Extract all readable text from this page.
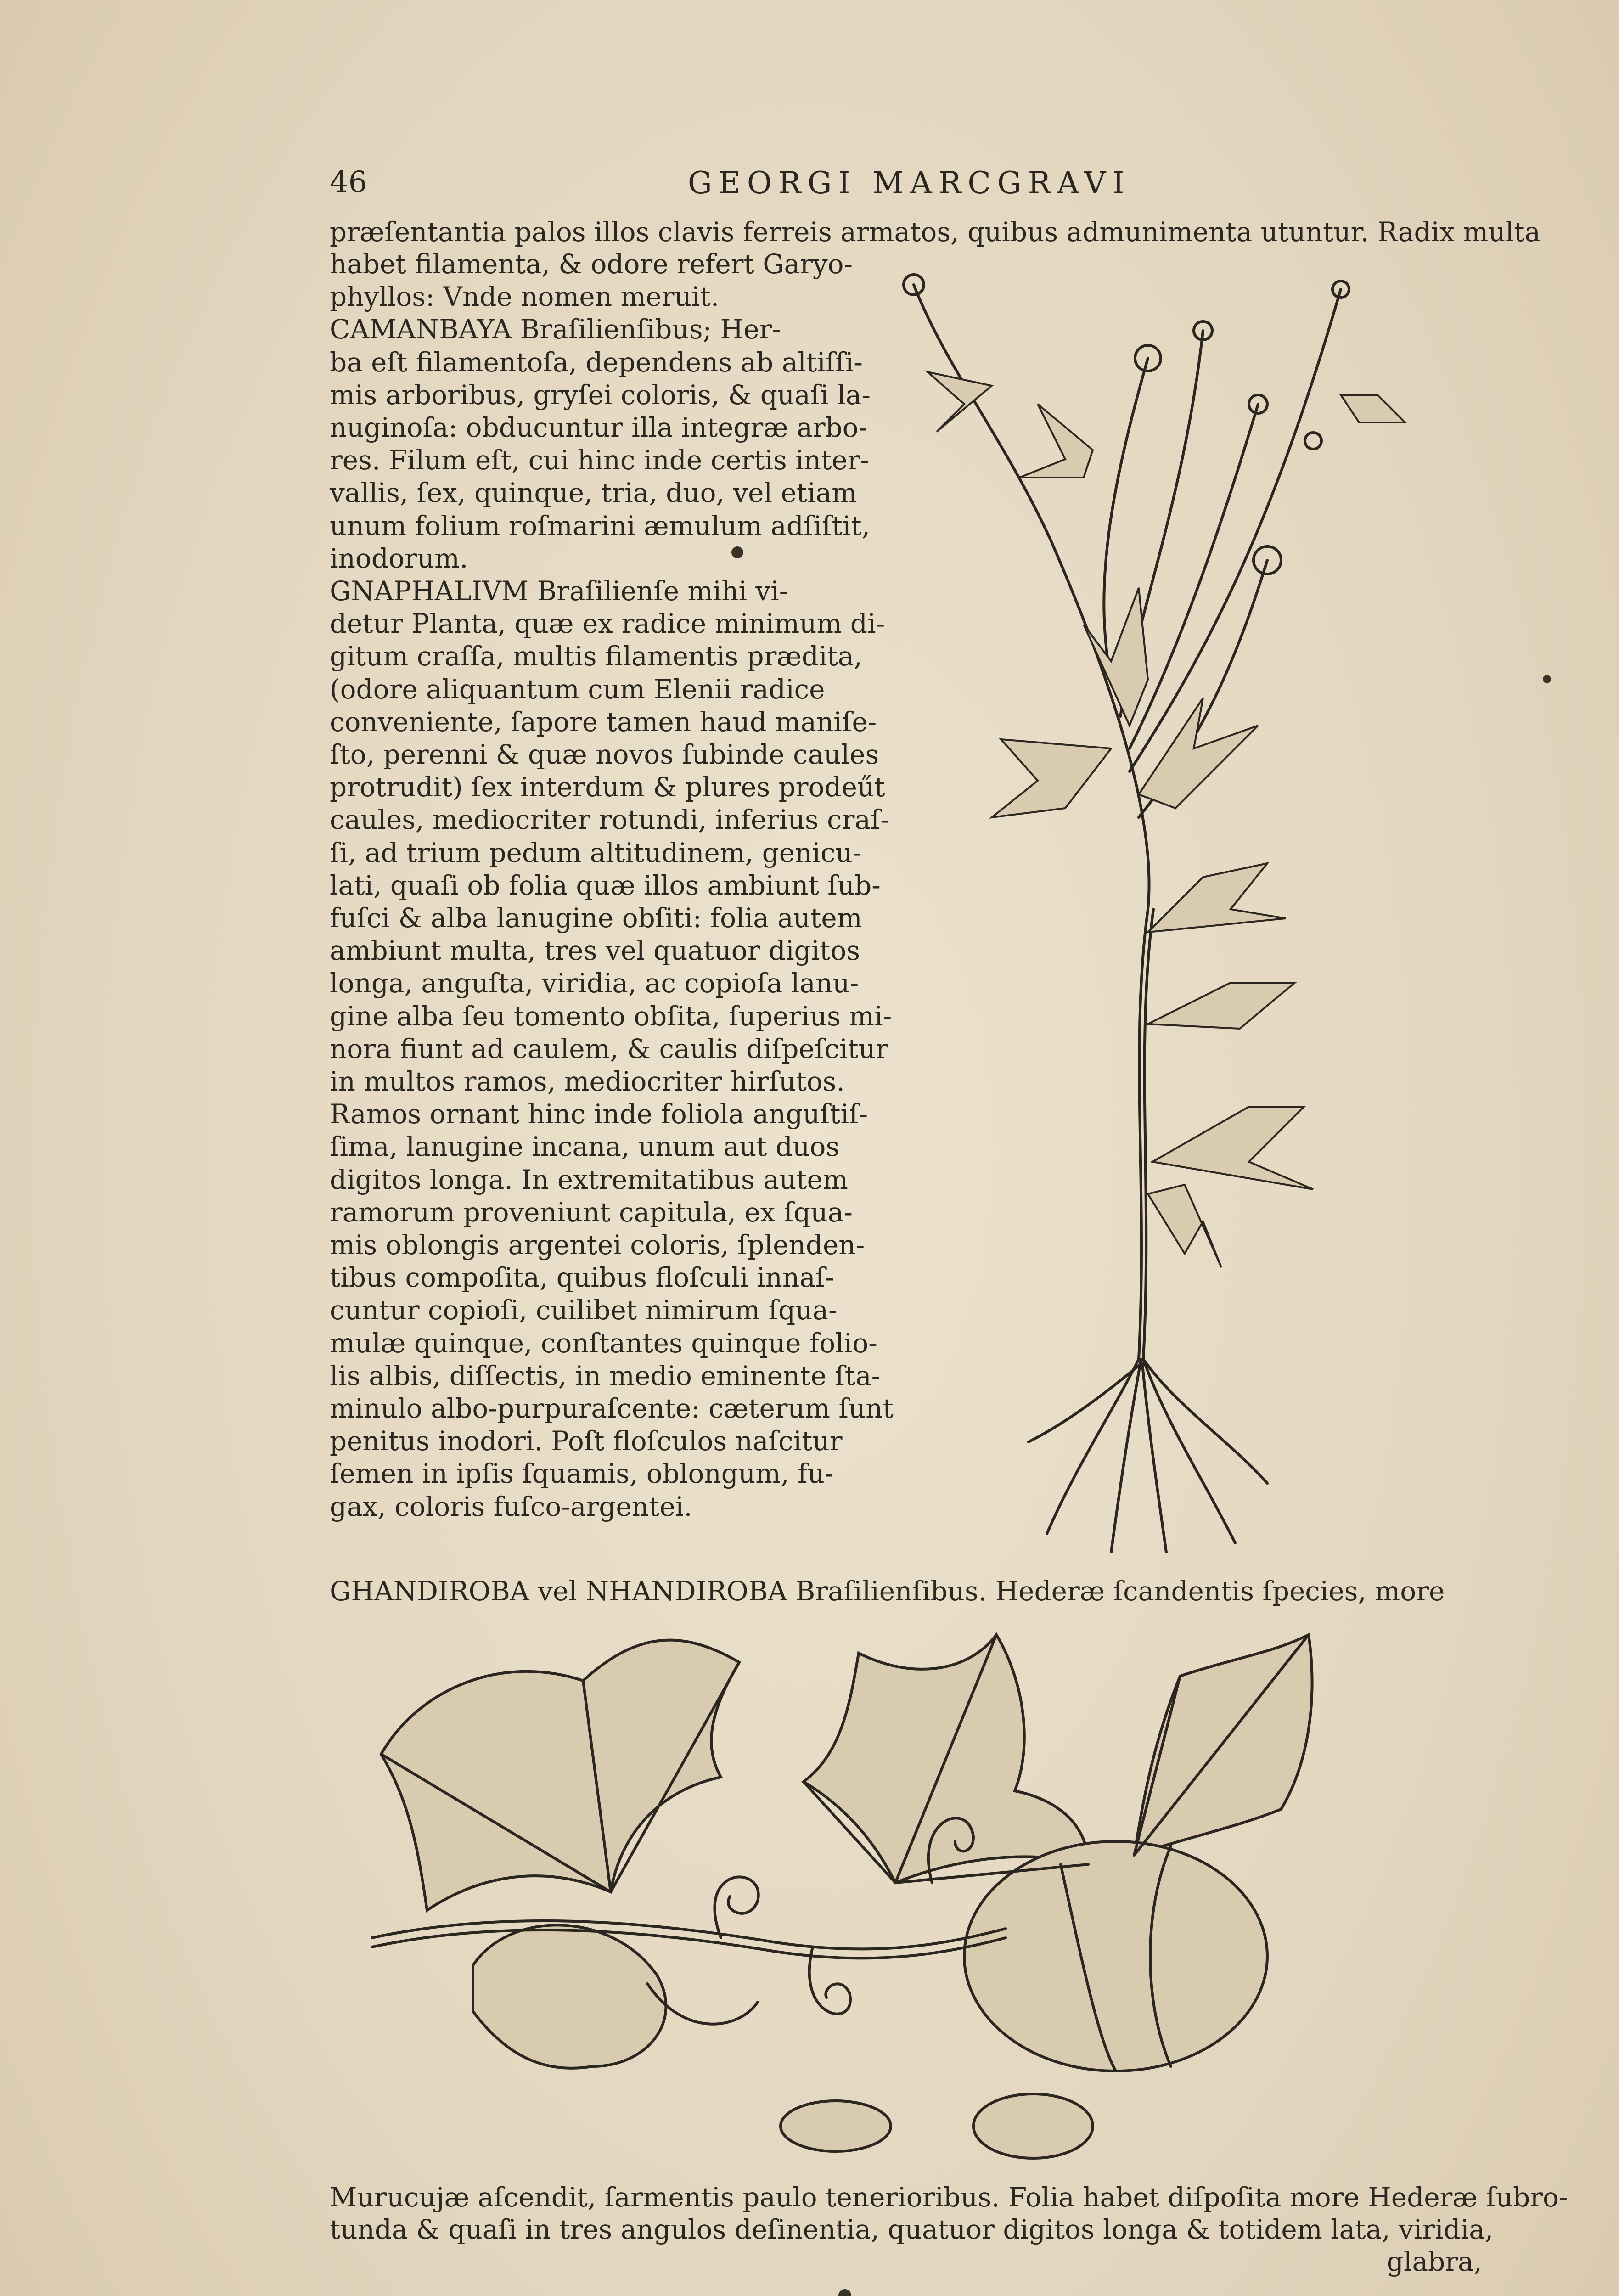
46	GEORGI MARCGRAVI
præſentantia palos illos clavis ferreis armatos, quibus admunimenta utuntur. Radix multa
habet filamenta, & odore refert Garyo-
phyllos: Vnde nomen meruit.
CAMANBAYA Braſilienſibus; Her-
ba eſt filamentoſa, dependens ab altiſſi-
mis arboribus, gryſei coloris, & quaſi la-
nuginoſa: obducuntur illa integræ arbo-
res. Filum eſt, cui hinc inde certis inter-
vallis, ſex, quinque, tria, duo, vel etiam
unum folium roſmarini æmulum adſiſtit,
inodorum.
GNAPHALIVM Braſilienſe mihi vi-
detur Planta, quæ ex radice minimum di-
gitum craſſa, multis filamentis prædita,
(odore aliquantum cum Elenii radice
conveniente, ſapore tamen haud maniſe-
ſto, perenni & quæ novos ſubinde caules
protrudit) ſex interdum & plures prodeűt
caules, mediocriter rotundi, inferius craſ-
ſi, ad trium pedum altitudinem, genicu-
lati, quaſi ob folia quæ illos ambiunt ſub-
fuſci & alba lanugine obſiti: folia autem
ambiunt multa, tres vel quatuor digitos
longa, anguſta, viridia, ac copioſa lanu-
gine alba ſeu tomento obſita, ſuperius mi-
nora fiunt ad caulem, & caulis diſpeſcitur
in multos ramos, mediocriter hirſutos.
Ramos ornant hinc inde foliola anguſtiſ-
ſima, lanugine incana, unum aut duos
digitos longa. In extremitatibus autem
ramorum proveniunt capitula, ex ſqua-
mis oblongis argentei coloris, ſplenden-
tibus compoſita, quibus floſculi innaſ-
cuntur copioſi, cuilibet nimirum ſqua-
mulæ quinque, conſtantes quinque folio-
lis albis, diſſectis, in medio eminente ſta-
minulo albo-purpuraſcente: cæterum ſunt
penitus inodori. Poſt floſculos naſcitur
ſemen in ipſis ſquamis, oblongum, fu-
gax, coloris fuſco-argentei.
GHANDIROBA vel NHANDIROBA Braſilienſibus. Hederæ ſcandentis ſpecies, more
Murucujæ aſcendit, ſarmentis paulo tenerioribus. Folia habet diſpoſita more Hederæ ſubro-
tunda & quaſi in tres angulos deſinentia, quatuor digitos longa & totidem lata, viridia,
glabra,
